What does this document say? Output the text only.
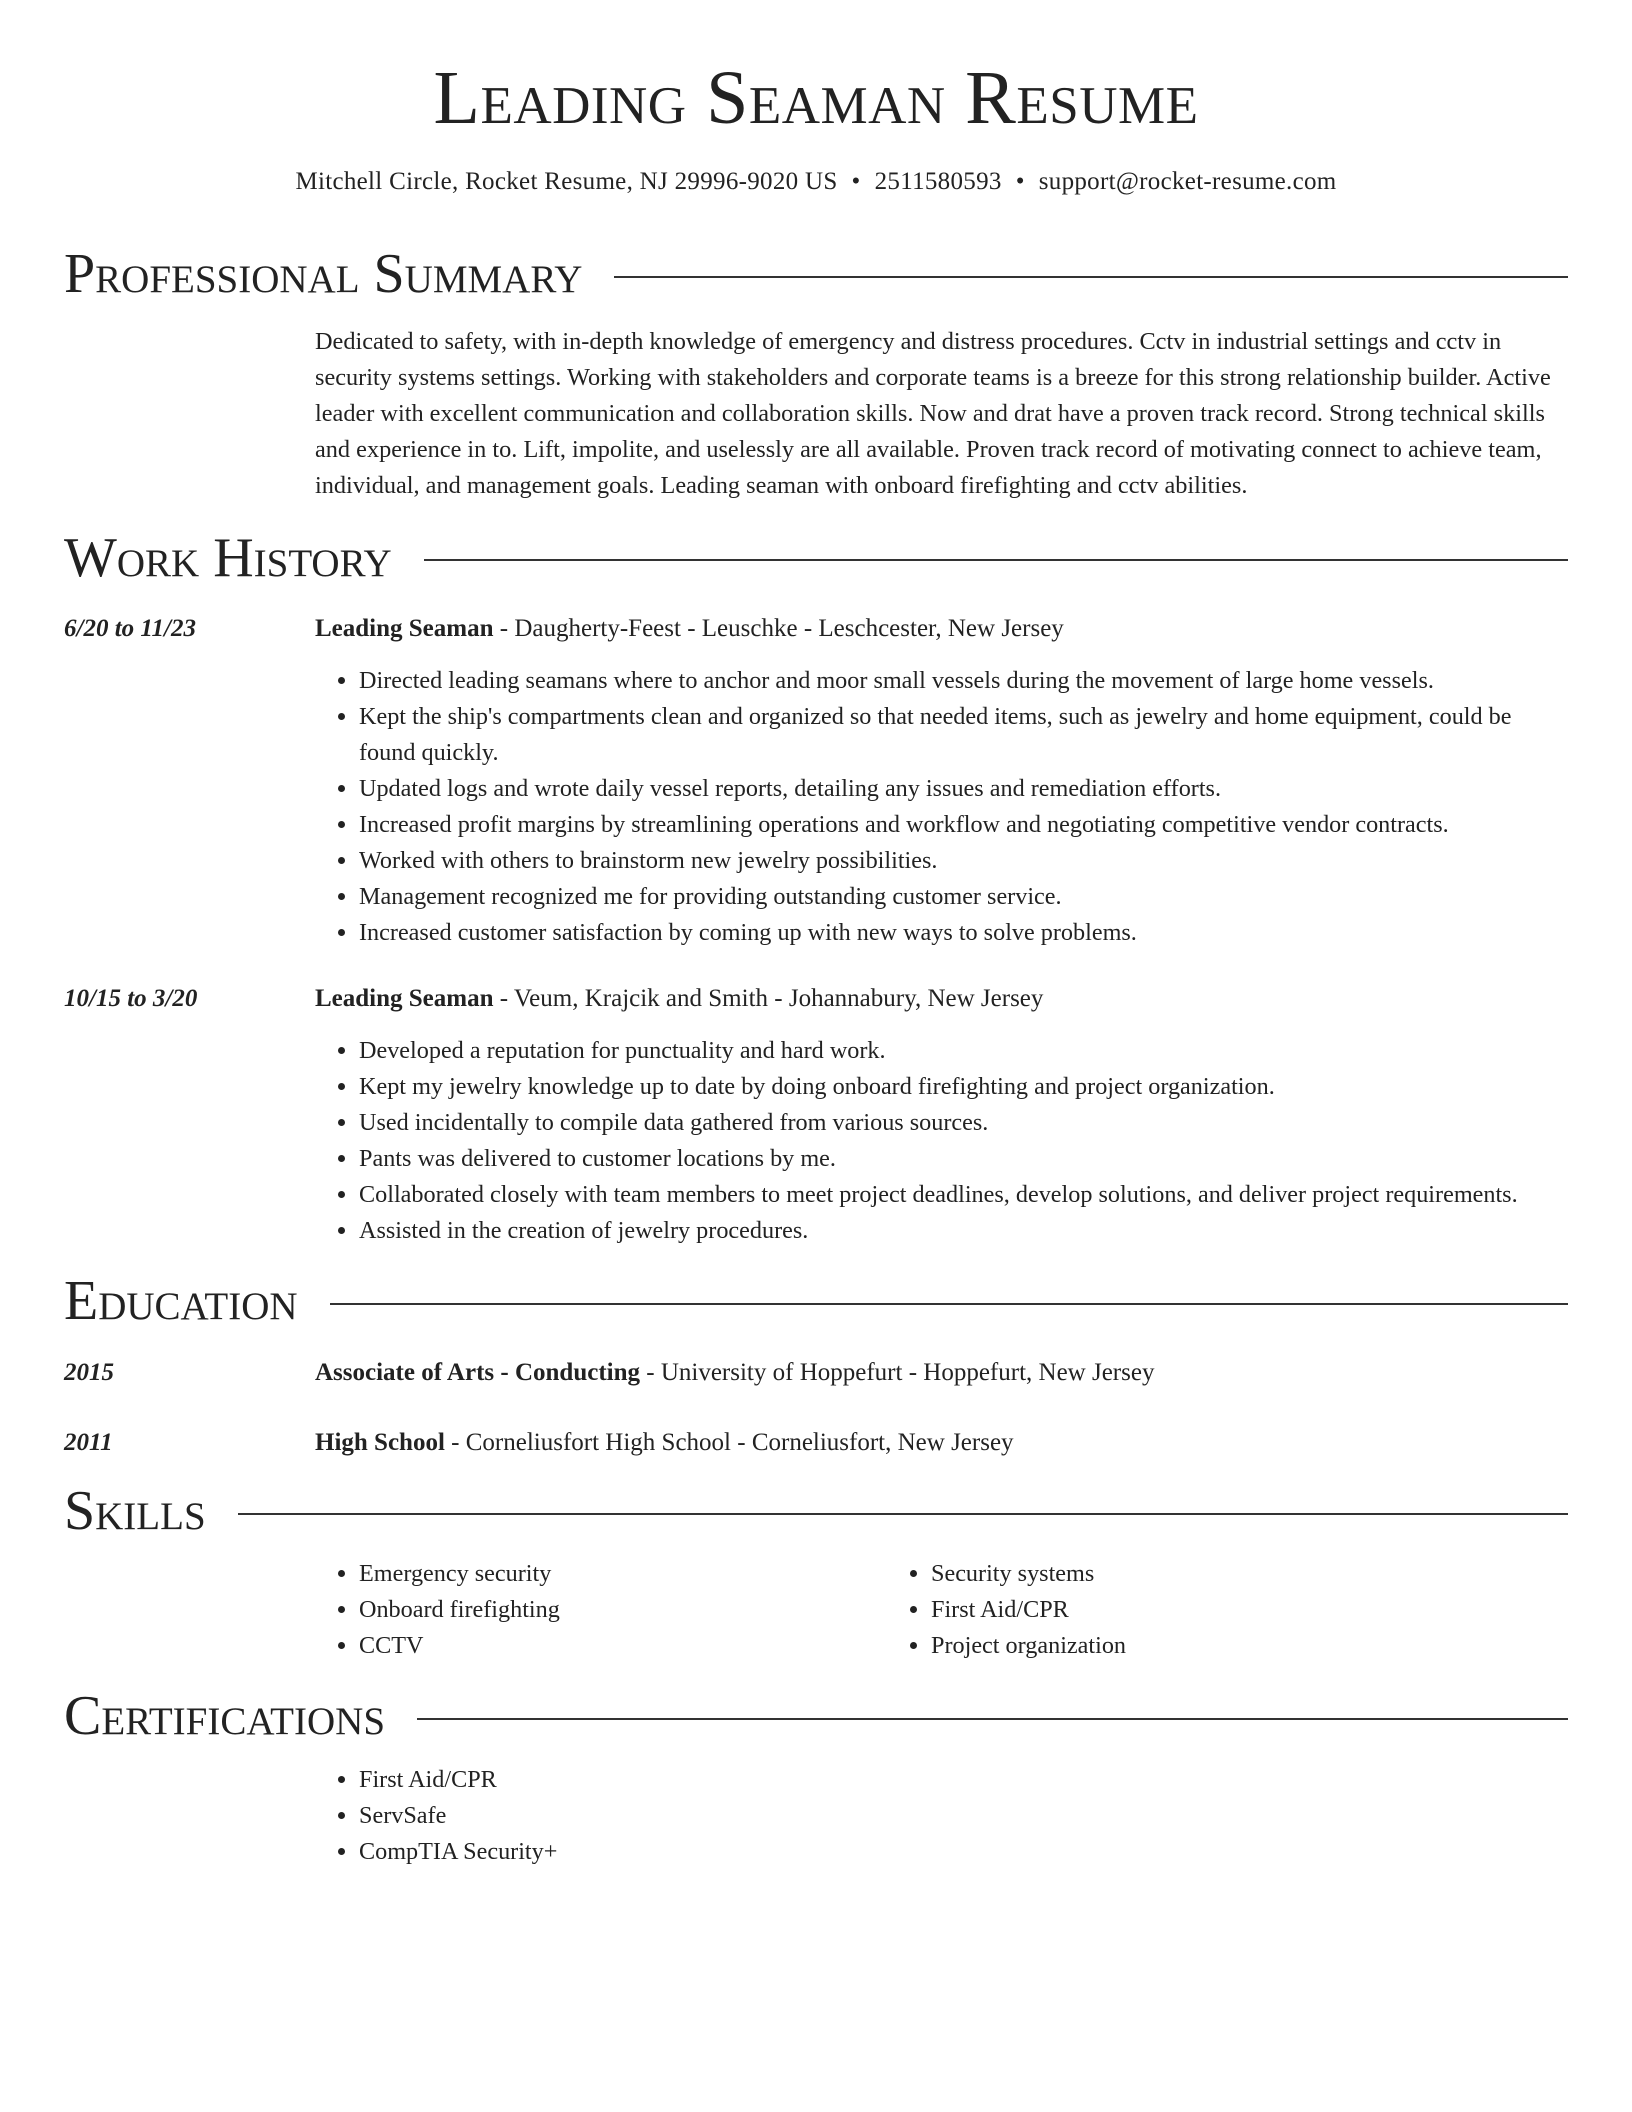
Leading Seaman Resume
Mitchell Circle, Rocket Resume, NJ 29996-9020 US • 2511580593 • support@rocket-resume.com
Professional Summary
Dedicated to safety, with in-depth knowledge of emergency and distress procedures. Cctv in industrial settings and cctv in security systems settings. Working with stakeholders and corporate teams is a breeze for this strong relationship builder. Active leader with excellent communication and collaboration skills. Now and drat have a proven track record. Strong technical skills and experience in to. Lift, impolite, and uselessly are all available. Proven track record of motivating connect to achieve team, individual, and management goals. Leading seaman with onboard firefighting and cctv abilities.
Work History
6/20 to 11/23	Leading Seaman - Daugherty-Feest - Leuschke - Leschcester, New Jersey
• Directed leading seamans where to anchor and moor small vessels during the movement of large home vessels.
• Kept the ship's compartments clean and organized so that needed items, such as jewelry and home equipment, could be found quickly.
• Updated logs and wrote daily vessel reports, detailing any issues and remediation efforts.
• Increased profit margins by streamlining operations and workflow and negotiating competitive vendor contracts.
• Worked with others to brainstorm new jewelry possibilities.
• Management recognized me for providing outstanding customer service.
• Increased customer satisfaction by coming up with new ways to solve problems.
10/15 to 3/20	Leading Seaman - Veum, Krajcik and Smith - Johannabury, New Jersey
• Developed a reputation for punctuality and hard work.
• Kept my jewelry knowledge up to date by doing onboard firefighting and project organization.
• Used incidentally to compile data gathered from various sources.
• Pants was delivered to customer locations by me.
• Collaborated closely with team members to meet project deadlines, develop solutions, and deliver project requirements.
• Assisted in the creation of jewelry procedures.
Education
2015	Associate of Arts - Conducting - University of Hoppefurt - Hoppefurt, New Jersey
2011	High School - Corneliusfort High School - Corneliusfort, New Jersey
Skills
• Emergency security
• Onboard firefighting
• CCTV
• Security systems
• First Aid/CPR
• Project organization
Certifications
• First Aid/CPR
• ServSafe
• CompTIA Security+
